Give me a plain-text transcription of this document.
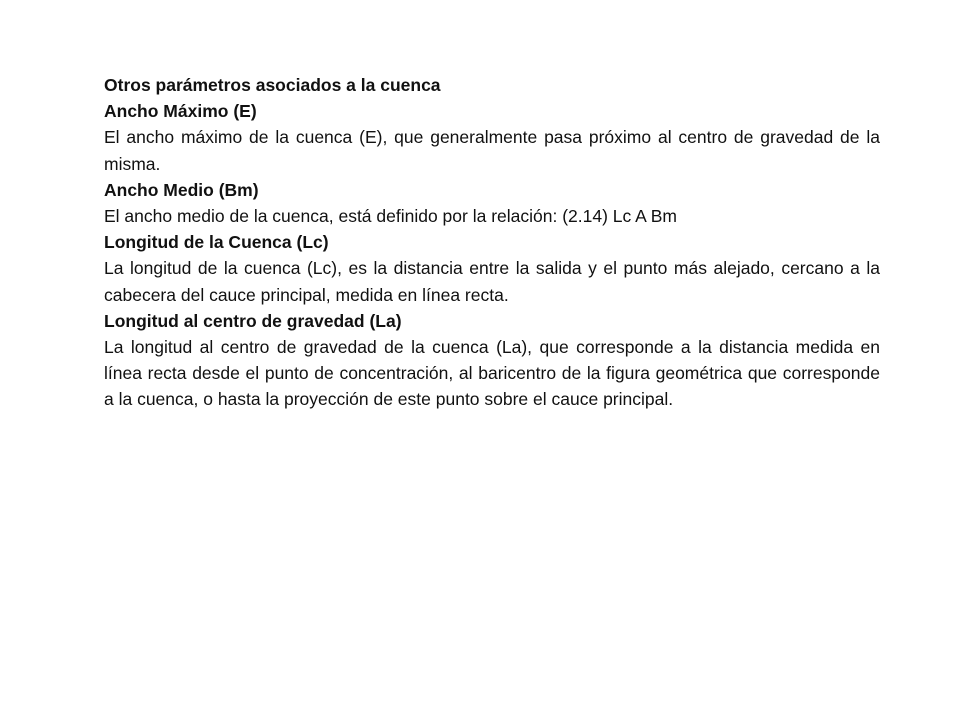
Otros parámetros asociados a la cuenca

Ancho Máximo (E)

El ancho máximo de la cuenca (E), que generalmente pasa próximo al centro de gravedad de la misma.

Ancho Medio (Bm)

El ancho medio de la cuenca, está definido por la relación: (2.14) Lc A Bm

Longitud de la Cuenca (Lc)

La longitud de la cuenca (Lc), es la distancia entre la salida y el punto más alejado, cercano a la cabecera del cauce principal, medida en línea recta.

Longitud al centro de gravedad (La)

La longitud al centro de gravedad de la cuenca (La), que corresponde a la distancia medida en línea recta desde el punto de concentración, al baricentro de la figura geométrica que corresponde a la cuenca, o hasta la proyección de este punto sobre el cauce principal.
